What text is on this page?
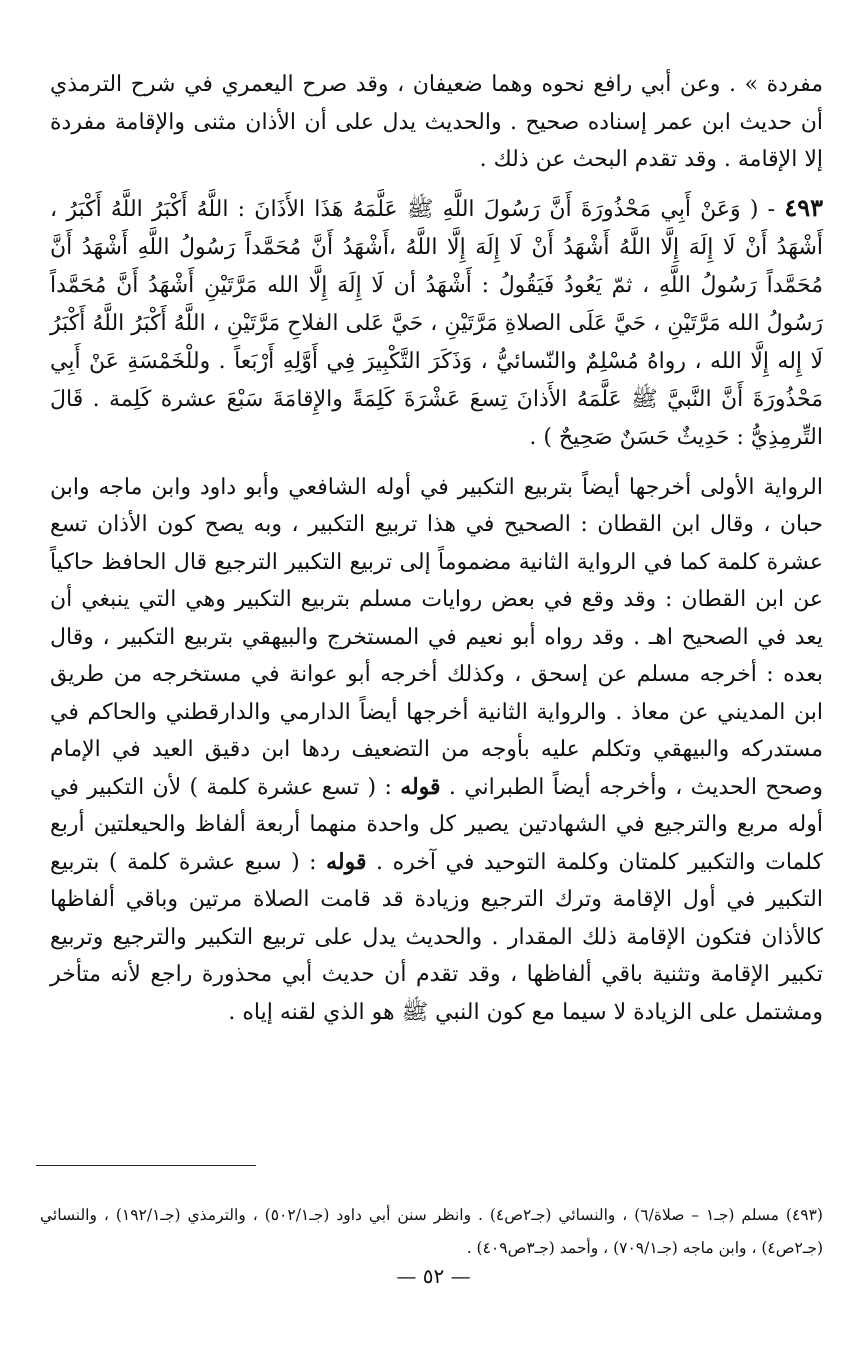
مفردة » . وعن أبي رافع نحوه وهما ضعيفان ، وقد صرح اليعمري في شرح الترمذي أن حديث ابن عمر إسناده صحيح . والحديث يدل على أن الأذان مثنى والإقامة مفردة إلا الإقامة . وقد تقدم البحث عن ذلك .

٤٩٣ - ( وَعَنْ أَبِي مَحْذُورَةَ أَنَّ رَسُولَ اللَّهِ ﷺ عَلَّمَهُ هَذَا الأَذَانَ : اللَّهُ أَكْبَرُ اللَّهُ أَكْبَرُ ، أَشْهَدُ أَنْ لَا إِلَهَ إِلَّا اللَّهُ أَشْهَدُ أَنْ لَا إِلَهَ إِلَّا اللَّهُ ،أَشْهَدُ أَنَّ مُحَمَّداً رَسُولُ اللَّهِ أَشْهَدُ أَنَّ مُحَمَّداً رَسُولُ اللَّهِ ، ثمّ يَعُودُ فَيَقُولُ : أَشْهَدُ أن لَا إِلَهَ إِلَّا الله مَرَّتَيْنِ أَشْهَدُ أَنَّ مُحَمَّداً رَسُولُ الله مَرَّتَيْنِ ، حَيَّ عَلَى الصلاةِ مَرَّتَيْنِ ، حَيَّ عَلى الفلاحِ مَرَّتَيْنِ ، اللَّهُ أَكْبَرُ اللَّهُ أَكْبَرُ لَا إِله إِلَّا الله ، رواهُ مُسْلِمٌ والنّسائيُّ ، وَذَكَرَ التَّكْبِيرَ فِي أَوَّلِهِ أَرْبَعاً . وللْخَمْسَةِ عَنْ أَبِي مَحْذُورَةَ أَنَّ النَّبيَّ ﷺ عَلَّمَهُ الأَذانَ تِسعَ عَشْرَةَ كَلِمَةً والإِقامَةَ سَبْعَ عشرة كَلِمة . قَالَ التِّرمِذِيُّ : حَدِيثٌ حَسَنٌ صَحِيحٌ ) .

الرواية الأولى أخرجها أيضاً بتربيع التكبير في أوله الشافعي وأبو داود وابن ماجه وابن حبان ، وقال ابن القطان : الصحيح في هذا تربيع التكبير ، وبه يصح كون الأذان تسع عشرة كلمة كما في الرواية الثانية مضموماً إلى تربيع التكبير الترجيع قال الحافظ حاكياً عن ابن القطان : وقد وقع في بعض روايات مسلم بتربيع التكبير وهي التي ينبغي أن يعد في الصحيح اهـ . وقد رواه أبو نعيم في المستخرج والبيهقي بتربيع التكبير ، وقال بعده : أخرجه مسلم عن إسحق ، وكذلك أخرجه أبو عوانة في مستخرجه من طريق ابن المديني عن معاذ . والرواية الثانية أخرجها أيضاً الدارمي والدارقطني والحاكم في مستدركه والبيهقي وتكلم عليه بأوجه من التضعيف ردها ابن دقيق العيد في الإمام وصحح الحديث ، وأخرجه أيضاً الطبراني . قوله : ( تسع عشرة كلمة ) لأن التكبير في أوله مربع والترجيع في الشهادتين يصير كل واحدة منهما أربعة ألفاظ والحيعلتين أربع كلمات والتكبير كلمتان وكلمة التوحيد في آخره . قوله : ( سبع عشرة كلمة ) بتربيع التكبير في أول الإقامة وترك الترجيع وزيادة قد قامت الصلاة مرتين وباقي ألفاظها كالأذان فتكون الإقامة ذلك المقدار . والحديث يدل على تربيع التكبير والترجيع وتربيع تكبير الإقامة وتثنية باقي ألفاظها ، وقد تقدم أن حديث أبي محذورة راجع لأنه متأخر ومشتمل على الزيادة لا سيما مع كون النبي ﷺ هو الذي لقنه إياه .

(٤٩٣) مسلم (جـ١ – صلاة/٦) ، والنسائي (جـ٢ص٤) . وانظر سنن أبي داود (جـ٥٠٢/١) ، والترمذي (جـ١٩٢/١) ، والنسائي (جـ٢ص٤) ، وابن ماجه (جـ٧٠٩/١) ، وأحمد (جـ٣ص٤٠٩) .

— ٥٢ —
